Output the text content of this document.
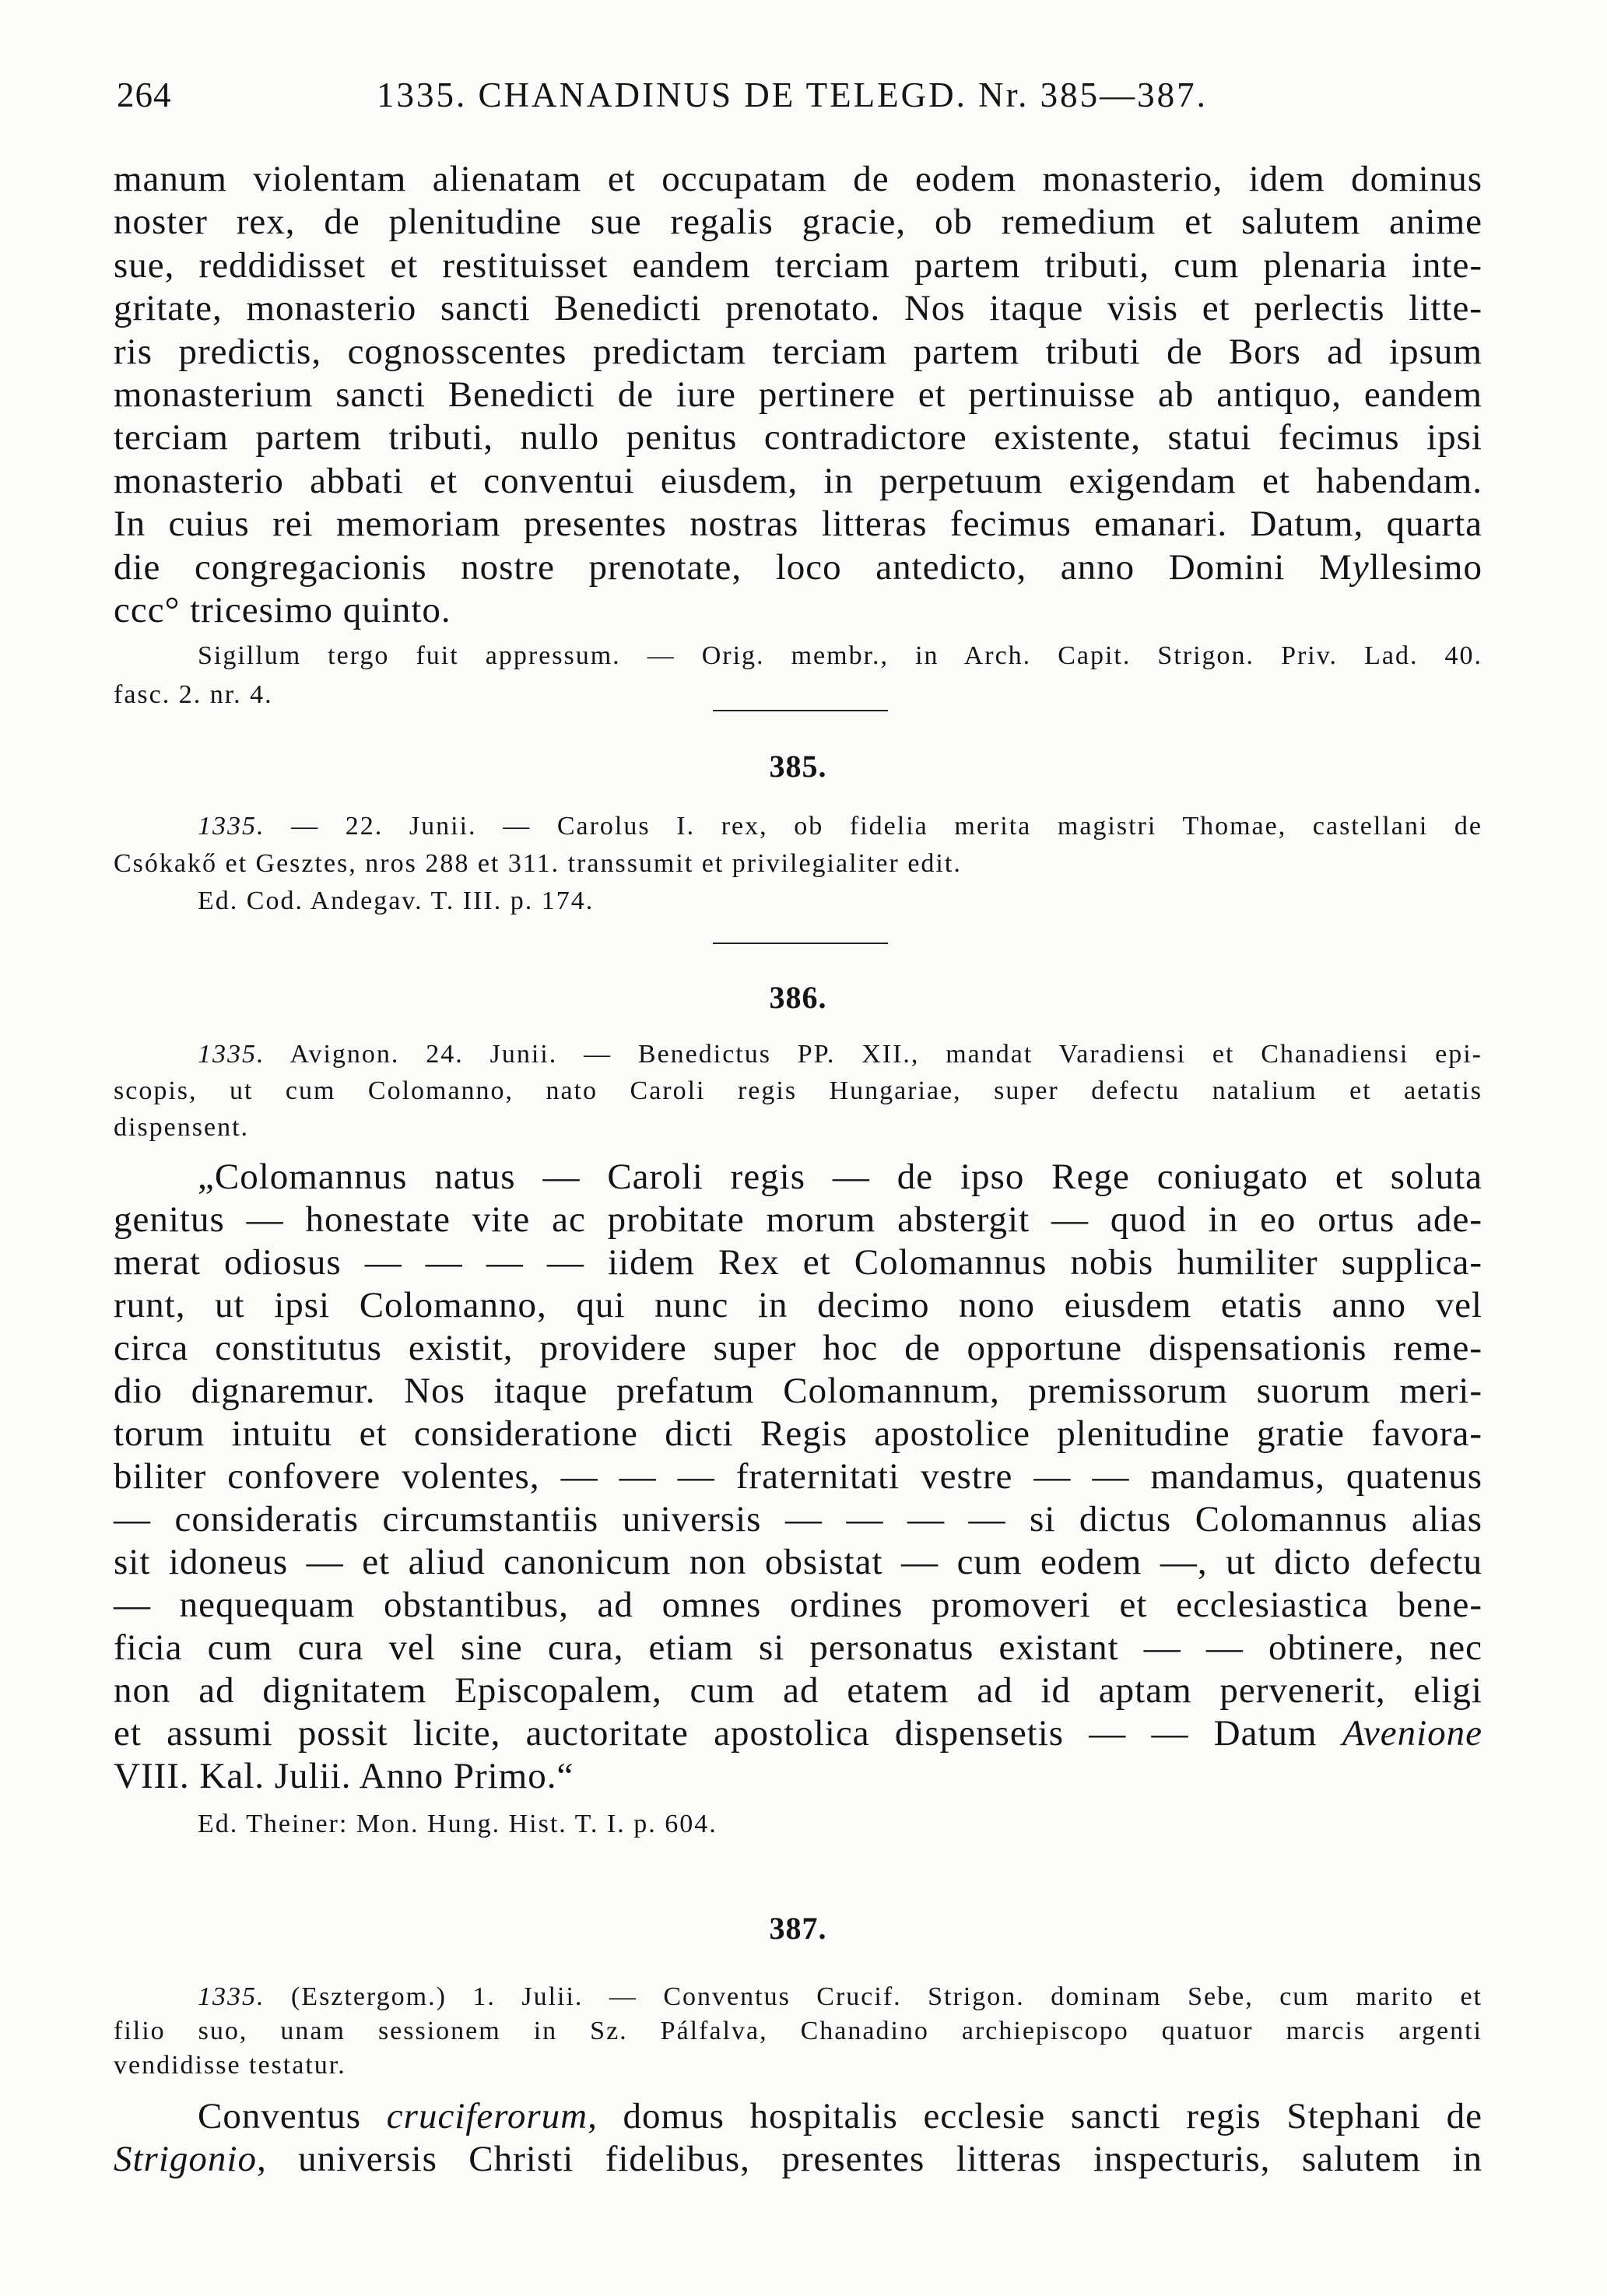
264	1335. CHANADINUS DE TELEGD. Nr. 385—387.
manum violentam alienatam et occupatam de eodem monasterio, idem dominus
noster rex, de plenitudine sue regalis gracie, ob remedium et salutem anime
sue, reddidisset et restituisset eandem terciam partem tributi, cum plenaria inte-
gritate, monasterio sancti Benedicti prenotato. Nos itaque visis et perlectis litte-
ris predictis, cognosscentes predictam terciam partem tributi de Bors ad ipsum
monasterium sancti Benedicti de iure pertinere et pertinuisse ab antiquo, eandem
terciam partem tributi, nullo penitus contradictore existente, statui fecimus ipsi
monasterio abbati et conventui eiusdem, in perpetuum exigendam et habendam.
In cuius rei memoriam presentes nostras litteras fecimus emanari. Datum, quarta
die congregacionis nostre prenotate, loco antedicto, anno Domini Myllesimo
ccc° tricesimo quinto.
Sigillum tergo fuit appressum. — Orig. membr., in Arch. Capit. Strigon. Priv. Lad. 40.
fasc. 2. nr. 4.
385.
1335. — 22. Junii. — Carolus I. rex, ob fidelia merita magistri Thomae, castellani de
Csókakő et Gesztes, nros 288 et 311. transsumit et privilegialiter edit.
Ed. Cod. Andegav. T. III. p. 174.
386.
1335. Avignon. 24. Junii. — Benedictus PP. XII., mandat Varadiensi et Chanadiensi epi-
scopis, ut cum Colomanno, nato Caroli regis Hungariae, super defectu natalium et aetatis
dispensent.
„Colomannus natus — Caroli regis — de ipso Rege coniugato et soluta
genitus — honestate vite ac probitate morum abstergit — quod in eo ortus ade-
merat odiosus — — — — iidem Rex et Colomannus nobis humiliter supplica-
runt, ut ipsi Colomanno, qui nunc in decimo nono eiusdem etatis anno vel
circa constitutus existit, providere super hoc de opportune dispensationis reme-
dio dignaremur. Nos itaque prefatum Colomannum, premissorum suorum meri-
torum intuitu et consideratione dicti Regis apostolice plenitudine gratie favora-
biliter confovere volentes, — — — fraternitati vestre — — mandamus, quatenus
— consideratis circumstantiis universis — — — — si dictus Colomannus alias
sit idoneus — et aliud canonicum non obsistat — cum eodem —, ut dicto defectu
— nequequam obstantibus, ad omnes ordines promoveri et ecclesiastica bene-
ficia cum cura vel sine cura, etiam si personatus existant — — obtinere, nec
non ad dignitatem Episcopalem, cum ad etatem ad id aptam pervenerit, eligi
et assumi possit licite, auctoritate apostolica dispensetis — — Datum Avenione
VIII. Kal. Julii. Anno Primo.“
Ed. Theiner: Mon. Hung. Hist. T. I. p. 604.
387.
1335. (Esztergom.) 1. Julii. — Conventus Crucif. Strigon. dominam Sebe, cum marito et
filio suo, unam sessionem in Sz. Pálfalva, Chanadino archiepiscopo quatuor marcis argenti
vendidisse testatur.
Conventus cruciferorum, domus hospitalis ecclesie sancti regis Stephani de
Strigonio, universis Christi fidelibus, presentes litteras inspecturis, salutem in
